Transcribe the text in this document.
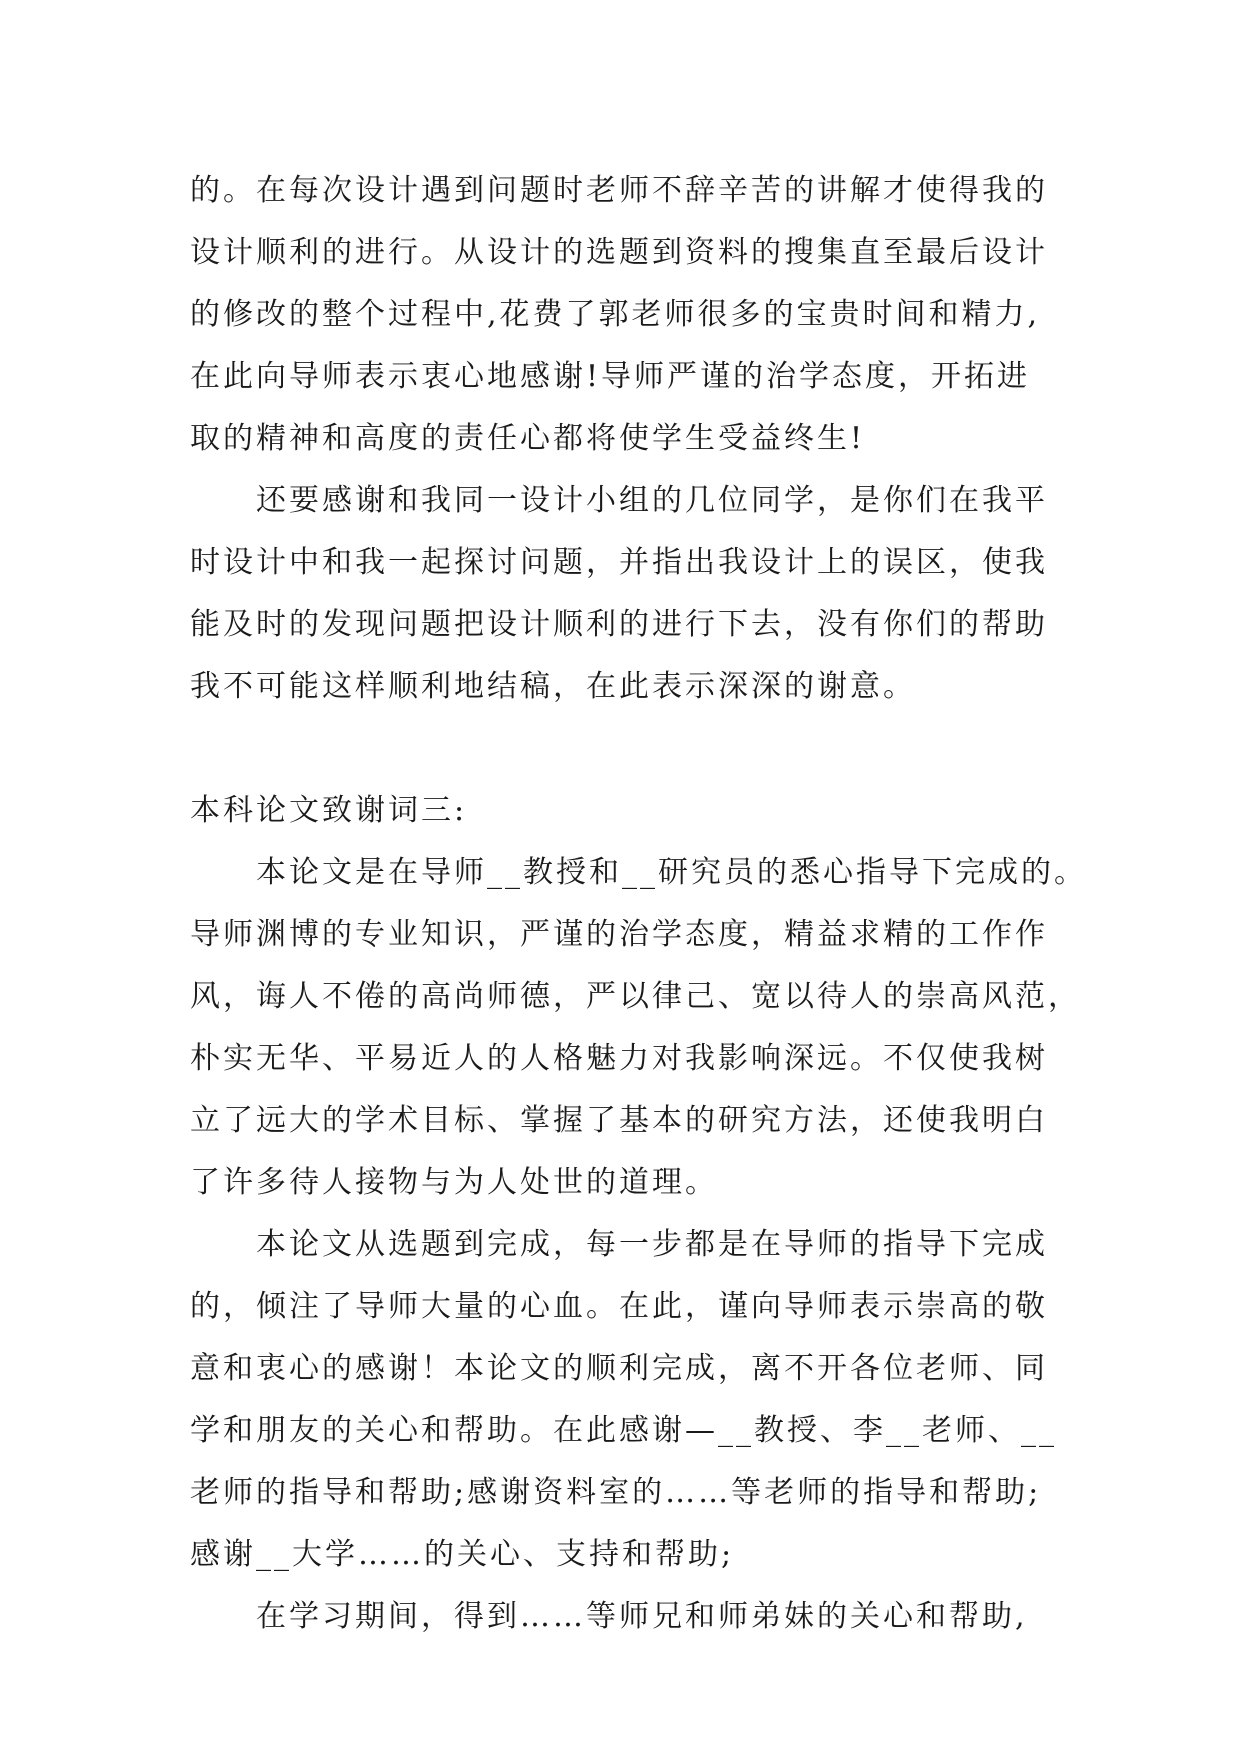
的。在每次设计遇到问题时老师不辞辛苦的讲解才使得我的
设计顺利的进行。从设计的选题到资料的搜集直至最后设计
的修改的整个过程中,花费了郭老师很多的宝贵时间和精力,
在此向导师表示衷心地感谢!导师严谨的治学态度，开拓进
取的精神和高度的责任心都将使学生受益终生!
还要感谢和我同一设计小组的几位同学，是你们在我平
时设计中和我一起探讨问题，并指出我设计上的误区，使我
能及时的发现问题把设计顺利的进行下去，没有你们的帮助
我不可能这样顺利地结稿，在此表示深深的谢意。
本科论文致谢词三:
本论文是在导师__教授和__研究员的悉心指导下完成的。
导师渊博的专业知识，严谨的治学态度，精益求精的工作作
风，诲人不倦的高尚师德，严以律己、宽以待人的崇高风范，
朴实无华、平易近人的人格魅力对我影响深远。不仅使我树
立了远大的学术目标、掌握了基本的研究方法，还使我明白
了许多待人接物与为人处世的道理。
本论文从选题到完成，每一步都是在导师的指导下完成
的，倾注了导师大量的心血。在此，谨向导师表示崇高的敬
意和衷心的感谢！本论文的顺利完成，离不开各位老师、同
学和朋友的关心和帮助。在此感谢—__教授、李__老师、__
老师的指导和帮助;感谢资料室的……等老师的指导和帮助;
感谢__大学……的关心、支持和帮助;
在学习期间，得到……等师兄和师弟妹的关心和帮助,
